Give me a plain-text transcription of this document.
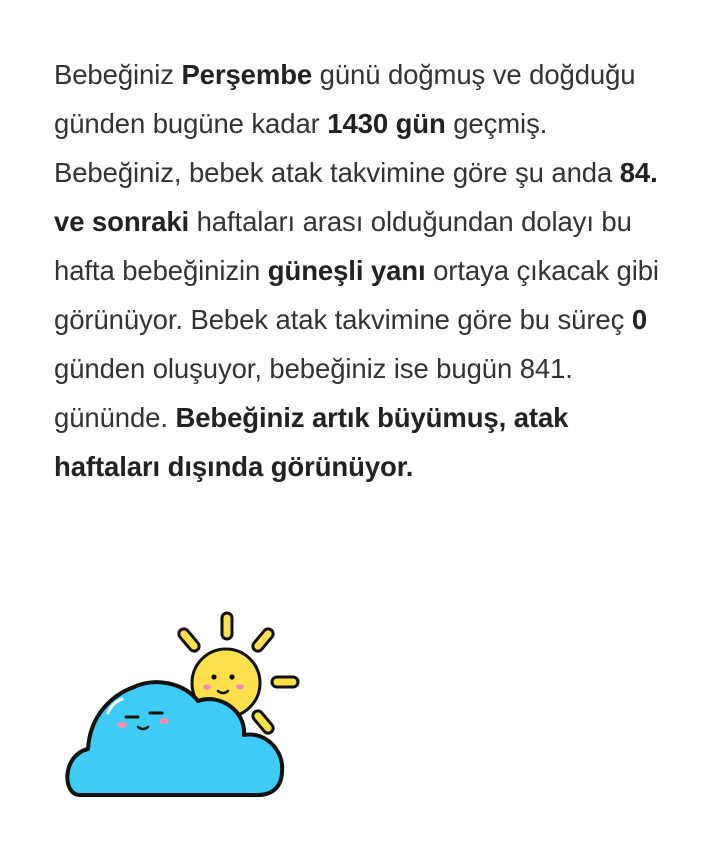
Bebeğiniz Perşembe günü doğmuş ve doğduğu günden bugüne kadar 1430 gün geçmiş. Bebeğiniz, bebek atak takvimine göre şu anda 84. ve sonraki haftaları arası olduğundan dolayı bu hafta bebeğinizin güneşli yanı ortaya çıkacak gibi görünüyor. Bebek atak takvimine göre bu süreç 0 günden oluşuyor, bebeğiniz ise bugün 841. gününde. Bebeğiniz artık büyümuş, atak haftaları dışında görünüyor.
